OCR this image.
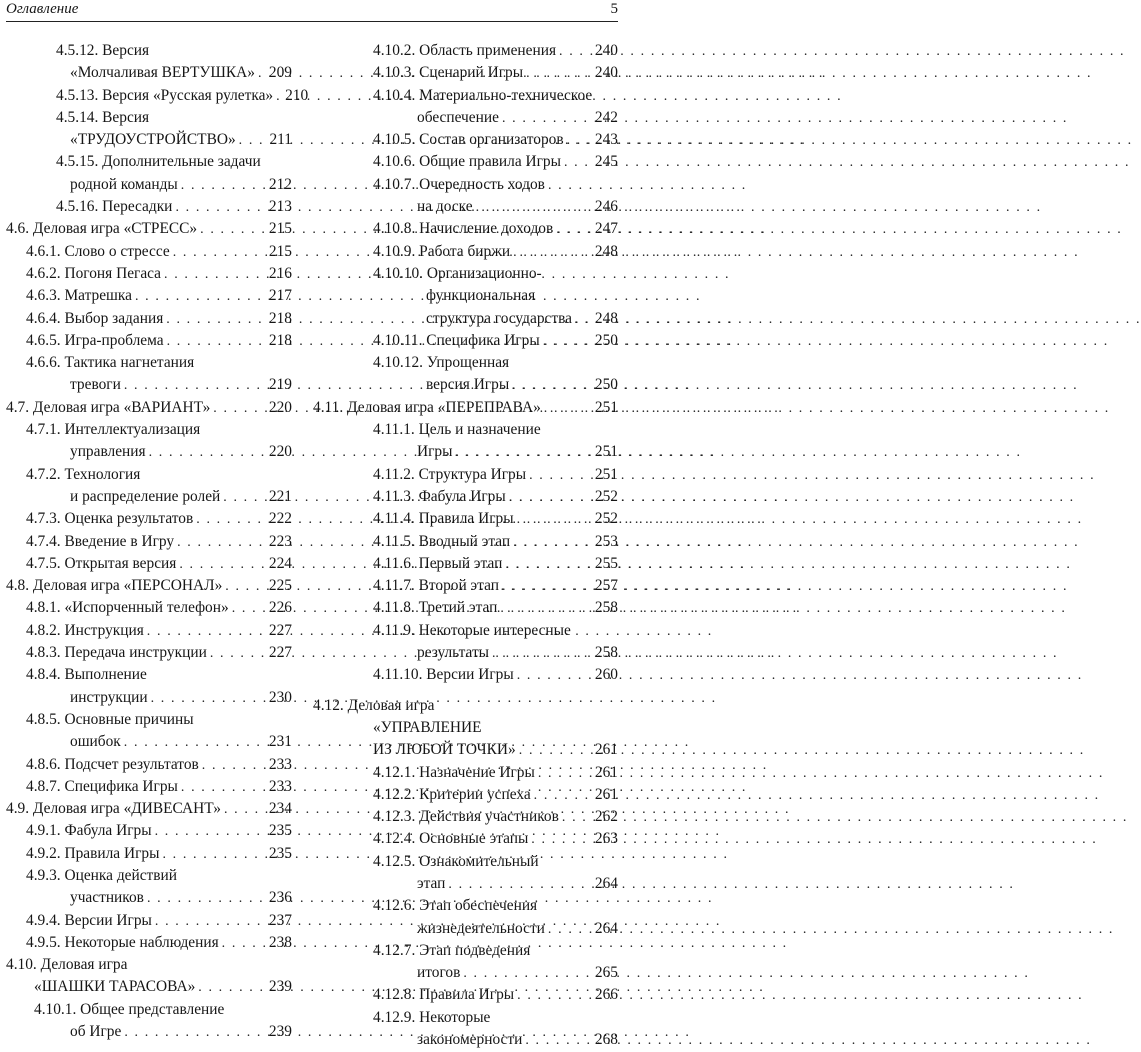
Оглавление	5
4.5.12. Версия
«Молчаливая ВЕРТУШКА» . . . 209
4.5.13. Версия «Русская рулетка» . . . 210
4.5.14. Версия
«ТРУДОУСТРОЙСТВО» . . . 211
4.5.15. Дополнительные задачи
родной команды . . .	212
4.5.16. Пересадки . . .	213
4.6. Деловая игра «СТРЕСС» . . .	215
4.6.1. Слово о стрессе . . .	215
4.6.2. Погоня Пегаса . . .	216
4.6.3. Матрешка . . .	217
4.6.4. Выбор задания . . .	218
4.6.5. Игра-проблема . . .	218
4.6.6. Тактика нагнетания
тревоги . . .	219
4.7. Деловая игра «ВАРИАНТ» . . .	220
4.7.1. Интеллектуализация
управления . . .	220
4.7.2. Технология
и распределение ролей . . .	221
4.7.3. Оценка результатов . . .	222
4.7.4. Введение в Игру . . .	223
4.7.5. Открытая версия . . .	224
4.8. Деловая игра «ПЕРСОНАЛ» . . .	225
4.8.1. «Испорченный телефон» . . .	226
4.8.2. Инструкция . . .	227
4.8.3. Передача инструкции . . .	227
4.8.4. Выполнение
инструкции . . .	230
4.8.5. Основные причины
ошибок . . .	231
4.8.6. Подсчет результатов . . .	233
4.8.7. Специфика Игры . . .	233
4.9. Деловая игра «ДИВЕСАНТ» . . .	234
4.9.1. Фабула Игры . . .	235
4.9.2. Правила Игры . . .	235
4.9.3. Оценка действий
участников . . .	236
4.9.4. Версии Игры . . .	237
4.9.5. Некоторые наблюдения . . .	238
4.10. Деловая игра
«ШАШКИ ТАРАСОВА» . . .	239
4.10.1. Общее представление
об Игре . . .	239
4.10.2. Область применения . . .	240
4.10.3. Сценарий Игры . . .	240
4.10.4. Материально-техническое
обеспечение . . .	242
4.10.5. Состав организаторов . . . 243
4.10.6. Общие правила Игры . . . 245
4.10.7. Очередность ходов
на доске . . .	246
4.10.8. Начисление доходов . . .	247
4.10.9. Работа биржи . . .	248
4.10.10. Организационно-
функциональная
структура государства . . . 248
4.10.11. Специфика Игры . . .	250
4.10.12. Упрощенная
версия Игры . . .	250
4.11. Деловая игра «ПЕРЕПРАВА» . . .	251
4.11.1. Цель и назначение
Игры . . .	251
4.11.2. Структура Игры . . .	251
4.11.3. Фабула Игры . . .	252
4.11.4. Правила Игры . . .	252
4.11.5. Вводный этап . . .	253
4.11.6. Первый этап . . .	255
4.11.7. Второй этап . . .	257
4.11.8. Третий этап . . .	258
4.11.9. Некоторые интересные
результаты . . .	258
4.11.10. Версии Игры . . .	260
4.12. Деловая игра
«УПРАВЛЕНИЕ
ИЗ ЛЮБОЙ ТОЧКИ» . . .	261
4.12.1. Назначение Игры . . .	261
4.12.2. Критерии успеха . . .	261
4.12.3. Действия участников . . . 262
4.12.4. Основные этапы . . .	263
4.12.5. Ознакомительный
этап . . .	264
4.12.6. Этап обеспечения
жизнедеятельности . . .	264
4.12.7. Этап подведения
итогов . . .	265
4.12.8. Правила Игры . . .	266
4.12.9. Некоторые
закономерности . . .	268
